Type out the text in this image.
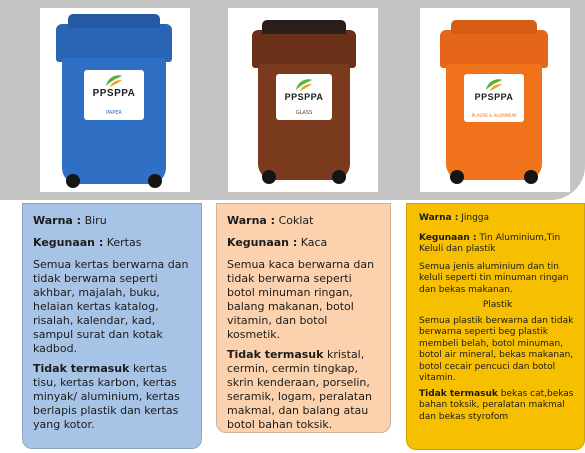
PPSPPA
PAPER
PPSPPA
GLASS
PPSPPA
PLASTIK & ALUMINIUM

Warna : Biru

Kegunaan : Kertas

Semua kertas berwarna dan tidak berwarna seperti akhbar, majalah, buku, helaian kertas katalog, risalah, kalendar, kad, sampul surat dan kotak kadbod.

Tidak termasuk kertas tisu, kertas karbon, kertas minyak/ aluminium, kertas berlapis plastik dan kertas yang kotor.

Warna : Coklat

Kegunaan : Kaca

Semua kaca berwarna dan tidak berwarna seperti botol minuman ringan, balang makanan, botol vitamin, dan botol kosmetik.

Tidak termasuk kristal, cermin, cermin tingkap, skrin kenderaan, porselin, seramik, logam, peralatan makmal, dan balang atau botol bahan toksik.

Warna : Jingga

Kegunaan : Tin Aluminium,Tin Keluli dan plastik

Semua jenis aluminium dan tin keluli seperti tin minuman ringan dan bekas makanan.

Plastik

Semua plastik berwarna dan tidak berwarna seperti beg plastik membeli belah, botol minuman, botol air mineral, bekas makanan, botol cecair pencuci dan botol vitamin.

Tidak termasuk bekas cat,bekas bahan toksik, peralatan makmal dan bekas styrofom
